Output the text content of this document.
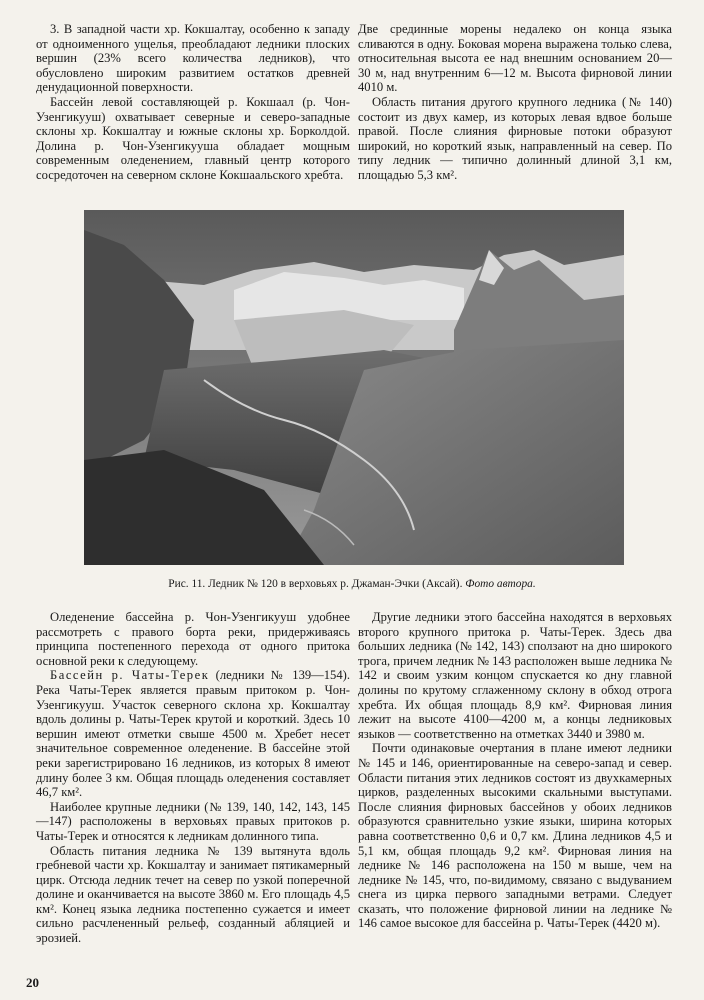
3. В западной части хр. Кокшалтау, особенно к западу от одноименного ущелья, преобладают ледники плоских вершин (23% всего количества ледников), что обусловлено широким развитием остатков древней денудационной поверхности.

Бассейн левой составляющей р. Кокшаал (р. Чон-Узенгикууш) охватывает северные и северо-западные склоны хр. Кокшалтау и южные склоны хр. Борколдой. Долина р. Чон-Узенгикууша обладает мощным современным оледенением, главный центр которого сосредоточен на северном склоне Кокшаальского хребта.

Две срединные морены недалеко он конца языка сливаются в одну. Боковая морена выражена только слева, относительная высота ее над внешним основанием 20—30 м, над внутренним 6—12 м. Высота фирновой линии 4010 м.

Область питания другого крупного ледника (№ 140) состоит из двух камер, из которых левая вдвое больше правой. После слияния фирновые потоки образуют широкий, но короткий язык, направленный на север. По типу ледник — типично долинный длиной 3,1 км, площадью 5,3 км².

Рис. 11. Ледник № 120 в верховьях р. Джаман-Эчки (Аксай). Фото автора.

Оледенение бассейна р. Чон-Узенгикууш удобнее рассмотреть с правого борта реки, придерживаясь принципа постепенного перехода от одного притока основной реки к следующему.

Бассейн р. Чаты-Терек (ледники № 139—154). Река Чаты-Терек является правым притоком р. Чон-Узенгикууш. Участок северного склона хр. Кокшалтау вдоль долины р. Чаты-Терек крутой и короткий. Здесь 10 вершин имеют отметки свыше 4500 м. Хребет несет значительное современное оледенение. В бассейне этой реки зарегистрировано 16 ледников, из которых 8 имеют длину более 3 км. Общая площадь оледенения составляет 46,7 км².

Наиболее крупные ледники (№ 139, 140, 142, 143, 145—147) расположены в верховьях правых притоков р. Чаты-Терек и относятся к ледникам долинного типа.

Область питания ледника № 139 вытянута вдоль гребневой части хр. Кокшалтау и занимает пятикамерный цирк. Отсюда ледник течет на север по узкой поперечной долине и оканчивается на высоте 3860 м. Его площадь 4,5 км². Конец языка ледника постепенно сужается и имеет сильно расчлененный рельеф, созданный абляцией и эрозией.

Другие ледники этого бассейна находятся в верховьях второго крупного притока р. Чаты-Терек. Здесь два больших ледника (№ 142, 143) сползают на дно широкого трога, причем ледник № 143 расположен выше ледника № 142 и своим узким концом спускается ко дну главной долины по крутому сглаженному склону в обход отрога хребта. Их общая площадь 8,9 км². Фирновая линия лежит на высоте 4100—4200 м, а концы ледниковых языков — соответственно на отметках 3440 и 3980 м.

Почти одинаковые очертания в плане имеют ледники № 145 и 146, ориентированные на северо-запад и север. Области питания этих ледников состоят из двухкамерных цирков, разделенных высокими скальными выступами. После слияния фирновых бассейнов у обоих ледников образуются сравнительно узкие языки, ширина которых равна соответственно 0,6 и 0,7 км. Длина ледников 4,5 и 5,1 км, общая площадь 9,2 км². Фирновая линия на леднике № 146 расположена на 150 м выше, чем на леднике № 145, что, по-видимому, связано с выдуванием снега из цирка первого западными ветрами. Следует сказать, что положение фирновой линии на леднике № 146 самое высокое для бассейна р. Чаты-Терек (4420 м).

20
